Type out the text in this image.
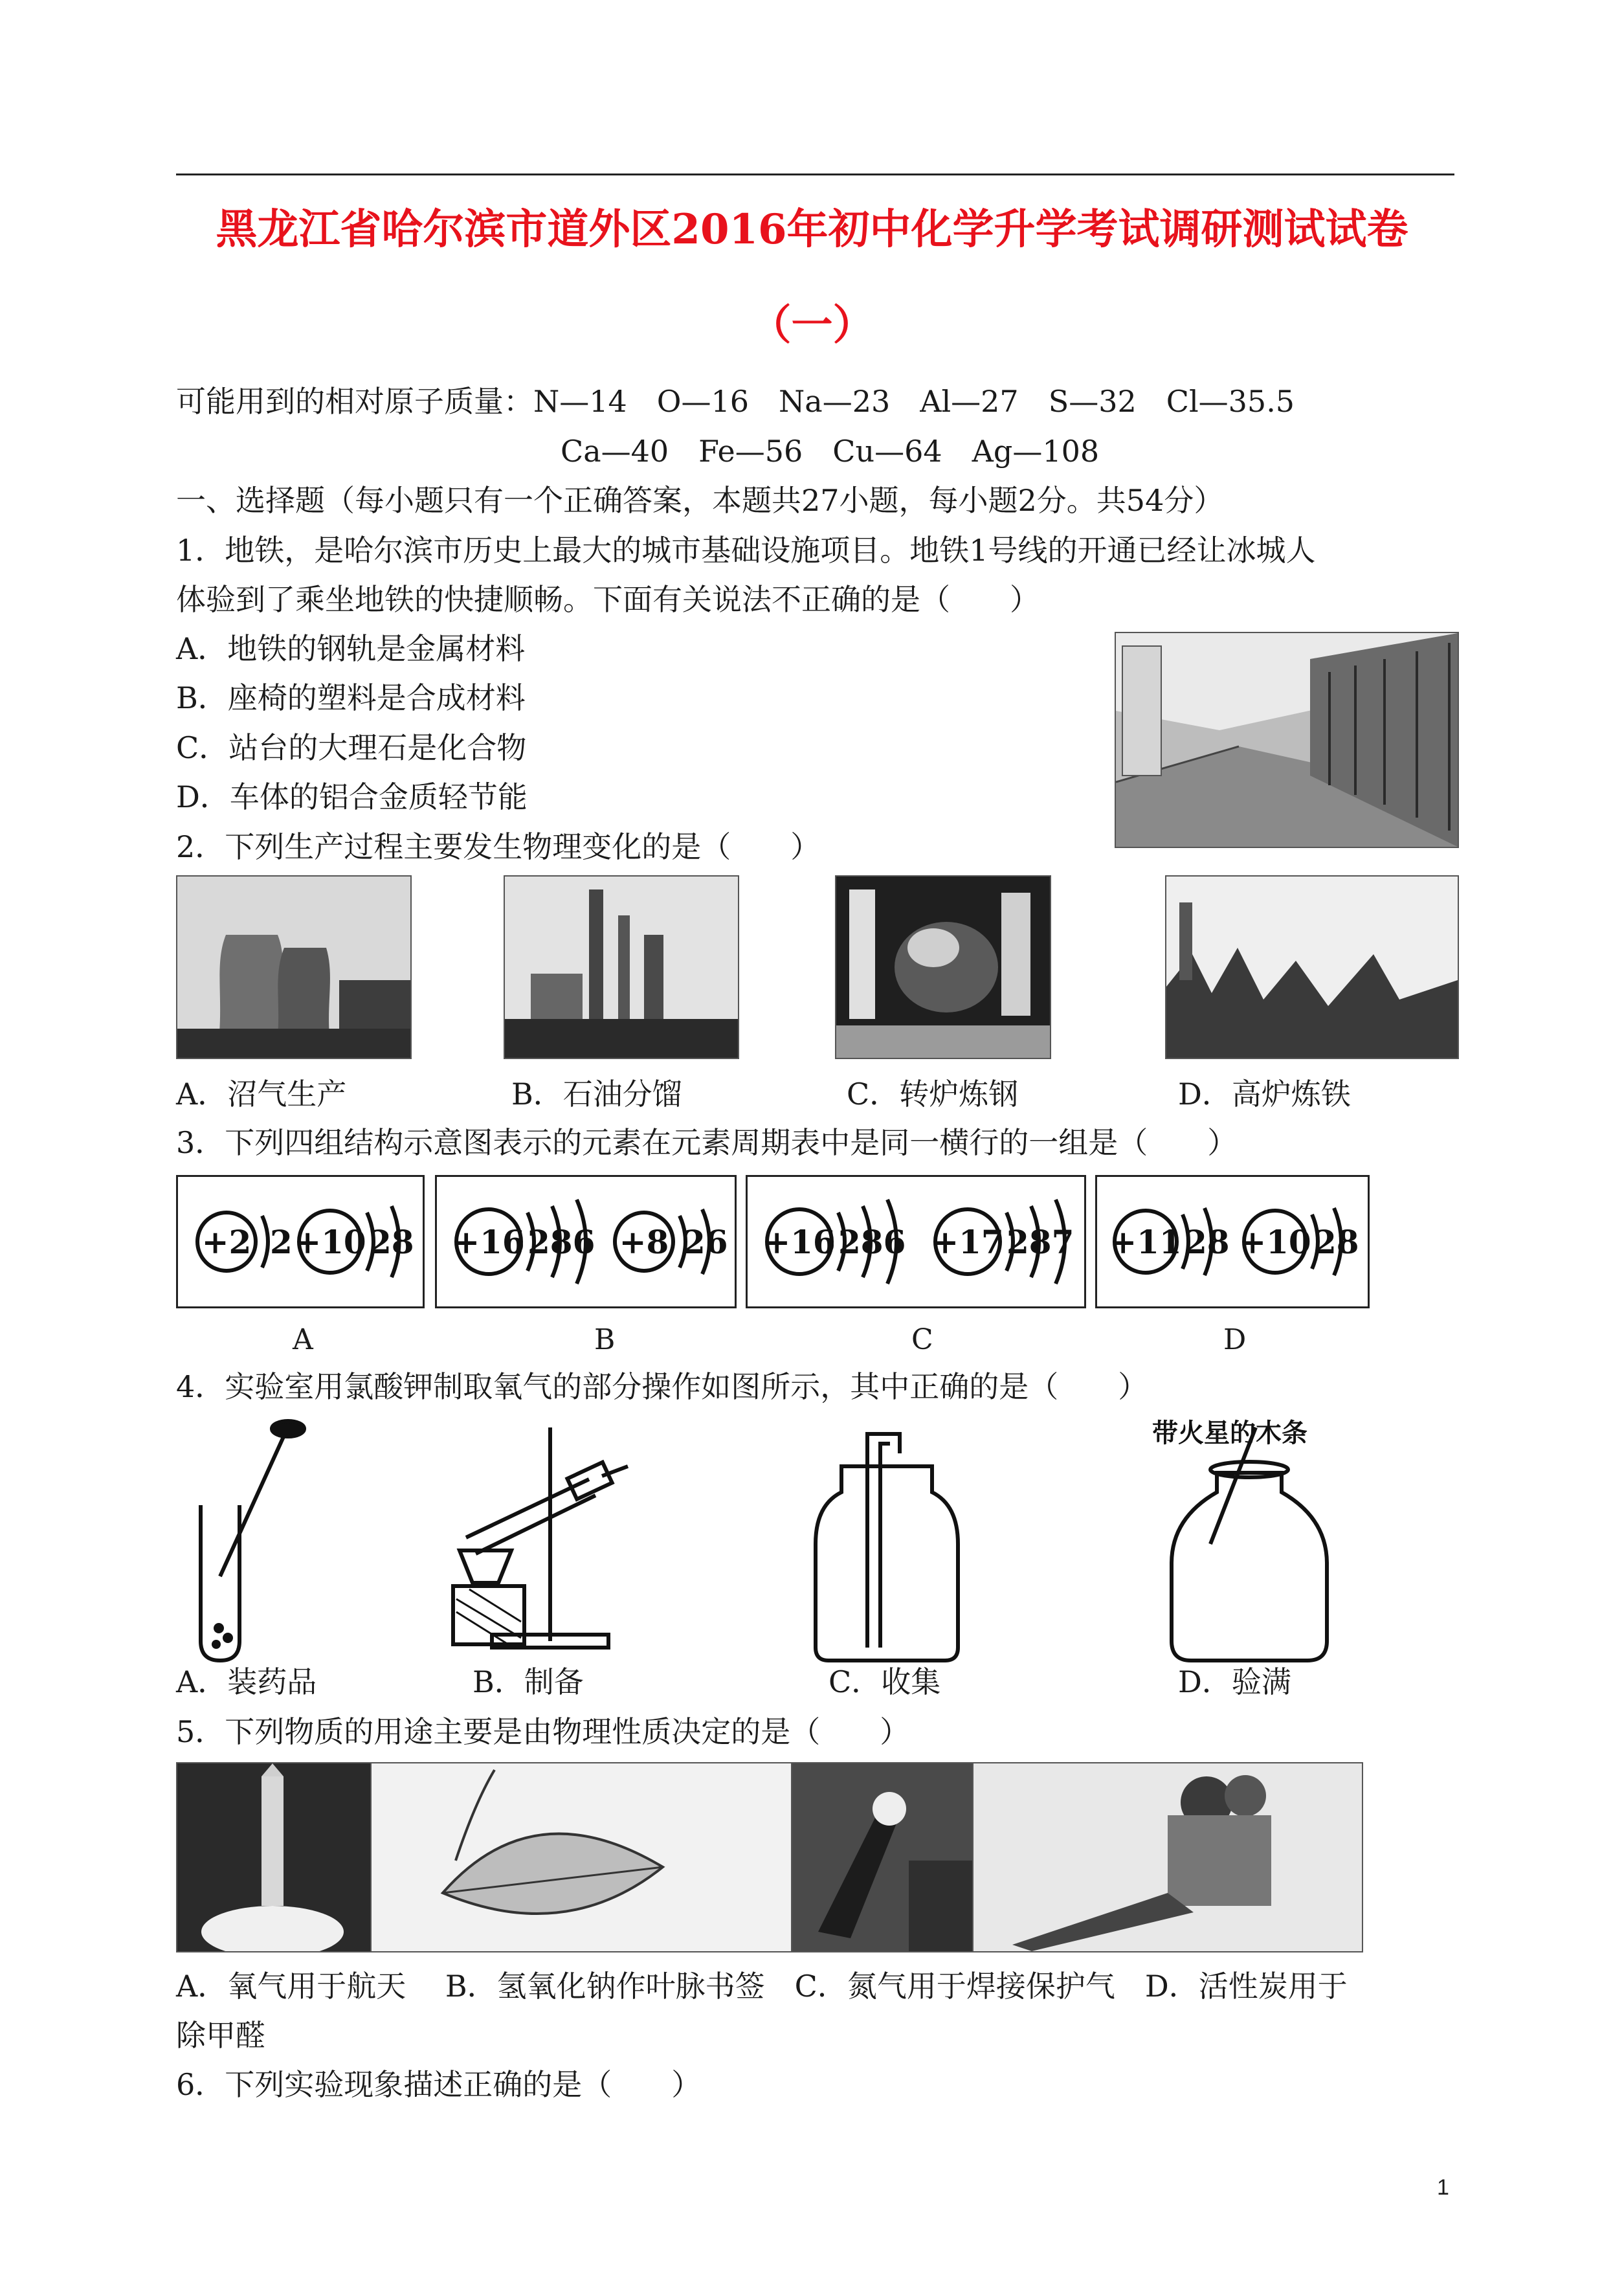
黑龙江省哈尔滨市道外区2016年初中化学升学考试调研测试试卷
（一）
可能用到的相对原子质量：N—14　O—16　Na—23　Al—27　S—32　Cl—35.5
Ca—40　Fe—56　Cu—64　Ag—108
一、选择题（每小题只有一个正确答案，本题共27小题，每小题2分。共54分）
1．地铁，是哈尔滨市历史上最大的城市基础设施项目。地铁1号线的开通已经让冰城人
体验到了乘坐地铁的快捷顺畅。下面有关说法不正确的是（　　）
A．地铁的钢轨是金属材料
B．座椅的塑料是合成材料
C．站台的大理石是化合物
D．车体的铝合金质轻节能
2．下列生产过程主要发生物理变化的是（　　）
A．沼气生产	B．石油分馏	C．转炉炼钢	D．高炉炼铁
3．下列四组结构示意图表示的元素在元素周期表中是同一横行的一组是（　　）
+2 2 +10 28 +16 286 +8 26 +16 286 +17 287 +11 28 +10 28
A	B	C	D
4．实验室用氯酸钾制取氧气的部分操作如图所示，其中正确的是（　　）
带火星的木条
A．装药品	B．制备	C．收集	D．验满
5．下列物质的用途主要是由物理性质决定的是（　　）
A．氧气用于航天　 B．氢氧化钠作叶脉书签　C．氮气用于焊接保护气　D．活性炭用于
除甲醛
6．下列实验现象描述正确的是（　　）
1
